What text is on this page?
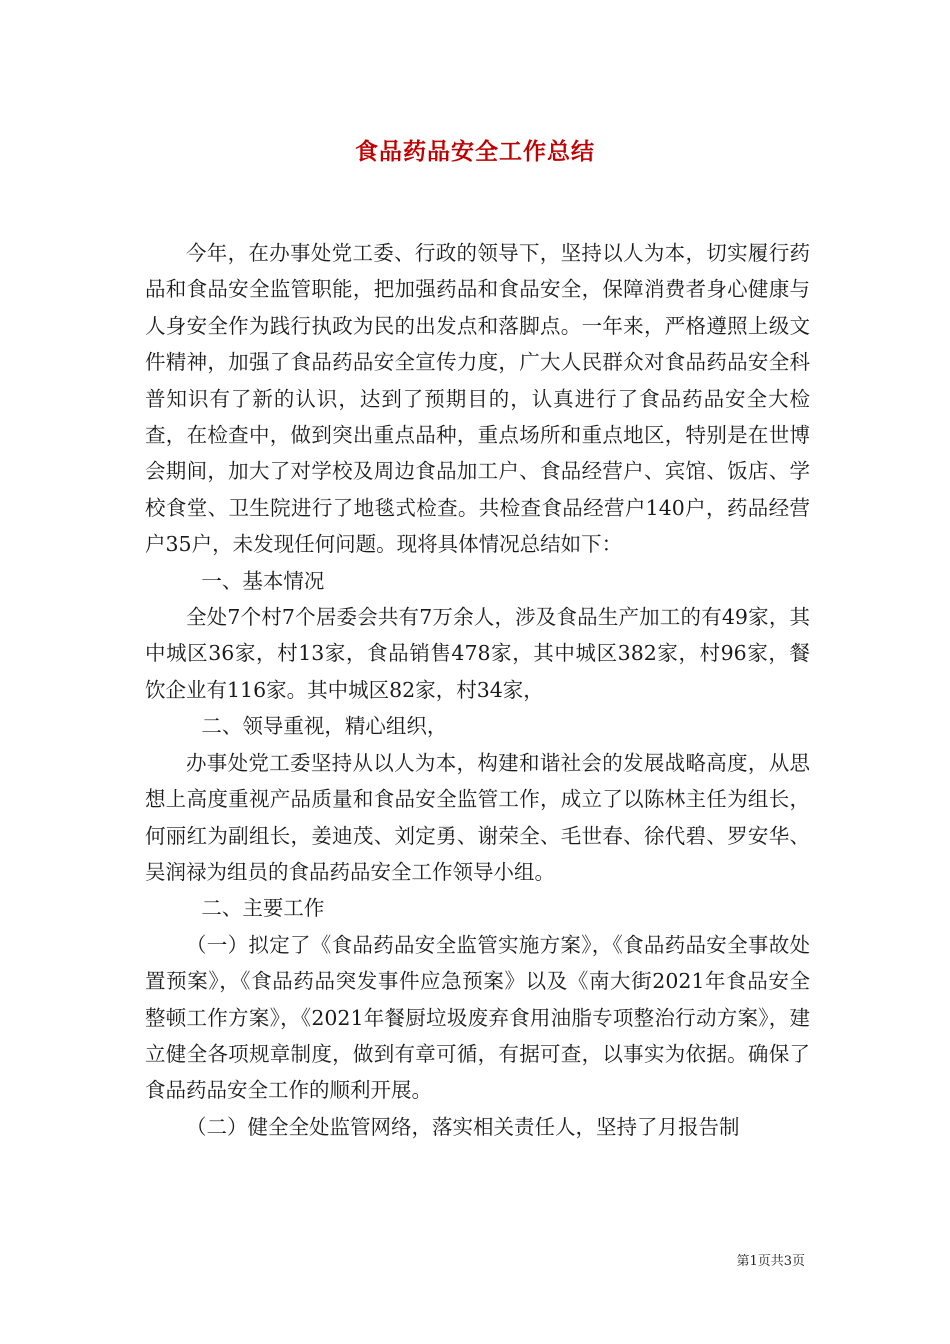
食品药品安全工作总结

今年，在办事处党工委、行政的领导下，坚持以人为本，切实履行药品和食品安全监管职能，把加强药品和食品安全，保障消费者身心健康与人身安全作为践行执政为民的出发点和落脚点。一年来，严格遵照上级文件精神，加强了食品药品安全宣传力度，广大人民群众对食品药品安全科普知识有了新的认识，达到了预期目的，认真进行了食品药品安全大检查，在检查中，做到突出重点品种，重点场所和重点地区，特别是在世博会期间，加大了对学校及周边食品加工户、食品经营户、宾馆、饭店、学校食堂、卫生院进行了地毯式检查。共检查食品经营户140户，药品经营户35户，未发现任何问题。现将具体情况总结如下：

一、基本情况

全处7个村7个居委会共有7万余人，涉及食品生产加工的有49家，其中城区36家，村13家，食品销售478家，其中城区382家，村96家，餐饮企业有116家。其中城区82家，村34家，

二、领导重视，精心组织，

办事处党工委坚持从以人为本，构建和谐社会的发展战略高度，从思想上高度重视产品质量和食品安全监管工作，成立了以陈林主任为组长，何丽红为副组长，姜迪茂、刘定勇、谢荣全、毛世春、徐代碧、罗安华、吴润禄为组员的食品药品安全工作领导小组。

二、主要工作

（一）拟定了《食品药品安全监管实施方案》，《食品药品安全事故处置预案》，《食品药品突发事件应急预案》以及《南大街2021年食品安全整顿工作方案》，《2021年餐厨垃圾废弃食用油脂专项整治行动方案》，建立健全各项规章制度，做到有章可循，有据可查，以事实为依据。确保了食品药品安全工作的顺利开展。

（二）健全全处监管网络，落实相关责任人，坚持了月报告制

第1页共3页
